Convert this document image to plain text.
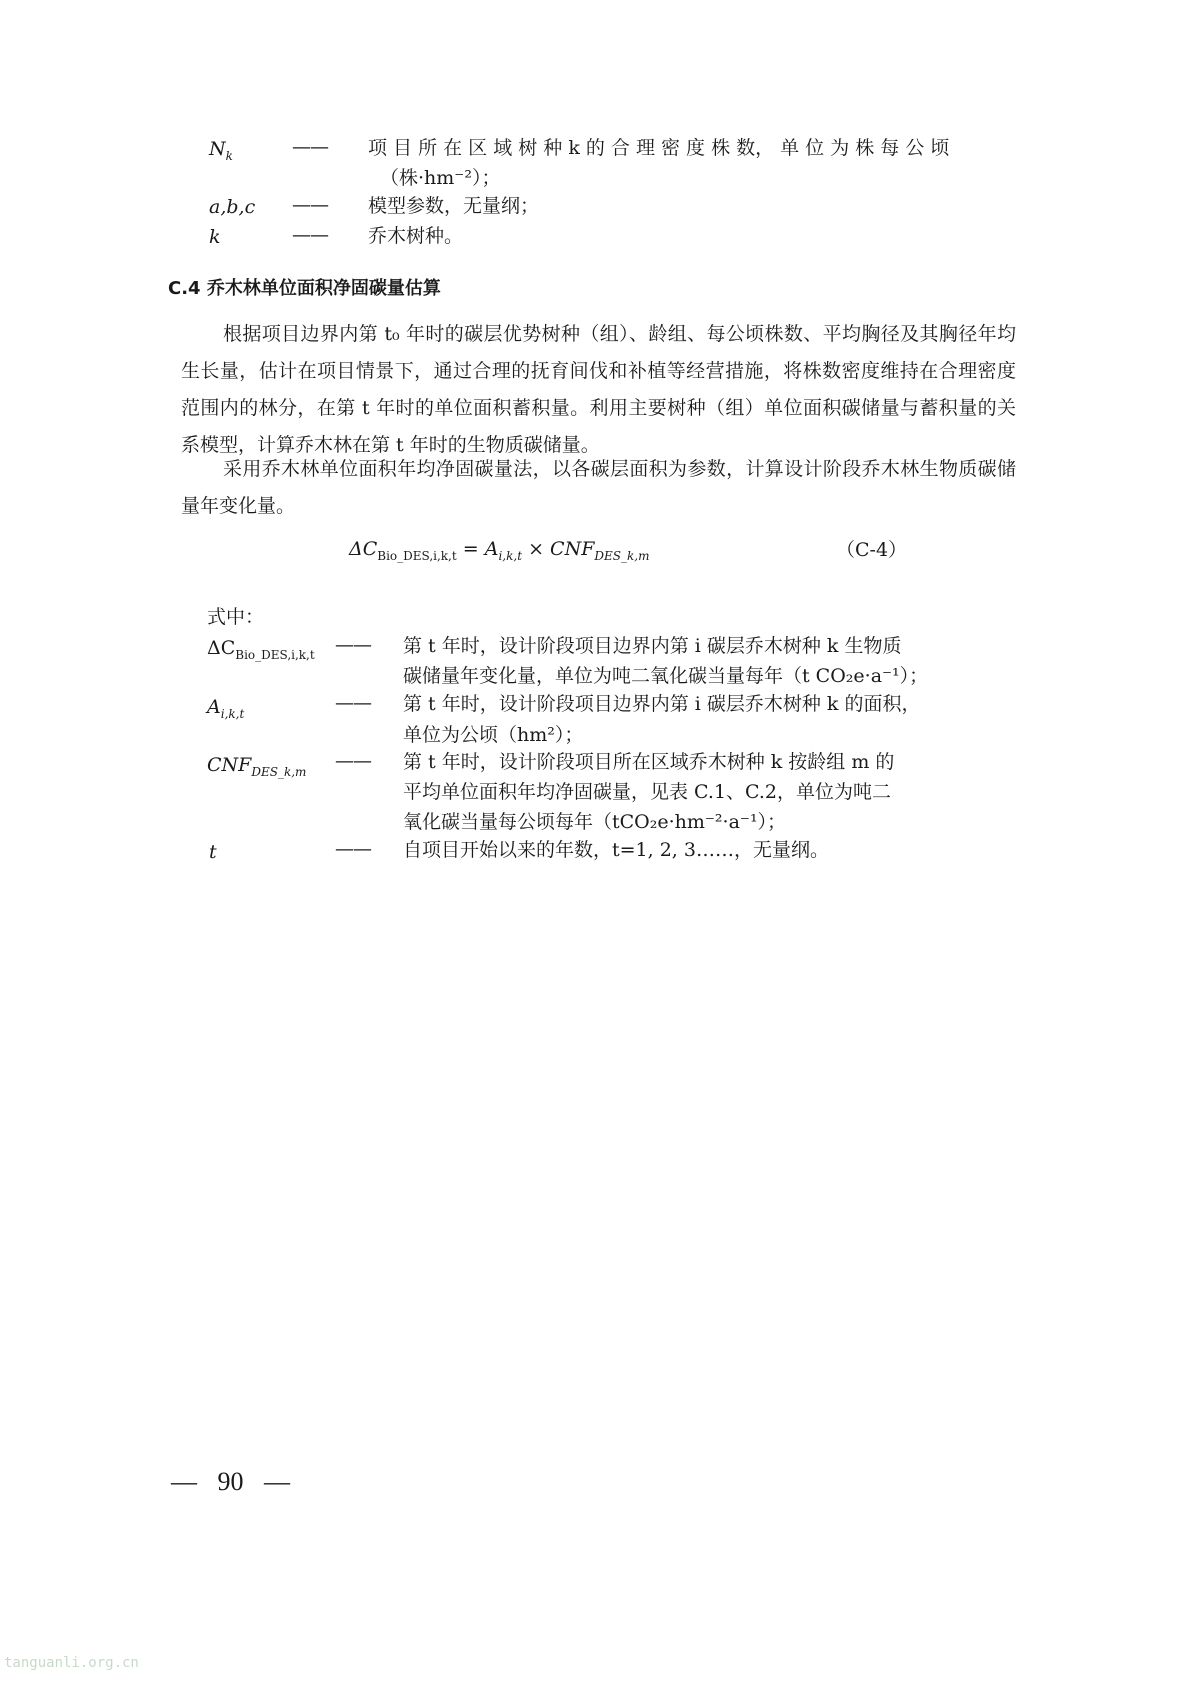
$N_k$	—— 项 目 所 在 区 域 树 种 k 的 合 理 密 度 株 数， 单 位 为 株 每 公 顷
（株·hm⁻²）；
a,b,c —— 模型参数，无量纲；
k	—— 乔木树种。
C.4 乔木林单位面积净固碳量估算

根据项目边界内第 t₀ 年时的碳层优势树种（组）、龄组、每公顷株数、平均胸径及其胸径年均生长量，估计在项目情景下，通过合理的抚育间伐和补植等经营措施，将株数密度维持在合理密度范围内的林分，在第 t 年时的单位面积蓄积量。利用主要树种（组）单位面积碳储量与蓄积量的关系模型，计算乔木林在第 t 年时的生物质碳储量。

采用乔木林单位面积年均净固碳量法，以各碳层面积为参数，计算设计阶段乔木林生物质碳储量年变化量。

$\Delta C_{Bio\_DES,i,k,t} = A_{i,k,t} \times CNF_{DES\_k,m}$	（C-4）
式中：
$\Delta C_{Bio\_DES,i,k,t}$ —— 第 t 年时，设计阶段项目边界内第 i 碳层乔木树种 k 生物质
碳储量年变化量，单位为吨二氧化碳当量每年（t CO₂e·a⁻¹）；
$A_{i,k,t}$	—— 第 t 年时，设计阶段项目边界内第 i 碳层乔木树种 k 的面积，
单位为公顷（hm²）；
$CNF_{DES\_k,m}$ —— 第 t 年时，设计阶段项目所在区域乔木树种 k 按龄组 m 的
平均单位面积年均净固碳量，见表 C.1、C.2，单位为吨二
氧化碳当量每公顷每年（tCO₂e·hm⁻²·a⁻¹）；
t	—— 自项目开始以来的年数，t=1, 2, 3……，无量纲。
— 90 —
tanguanli.org.cn
